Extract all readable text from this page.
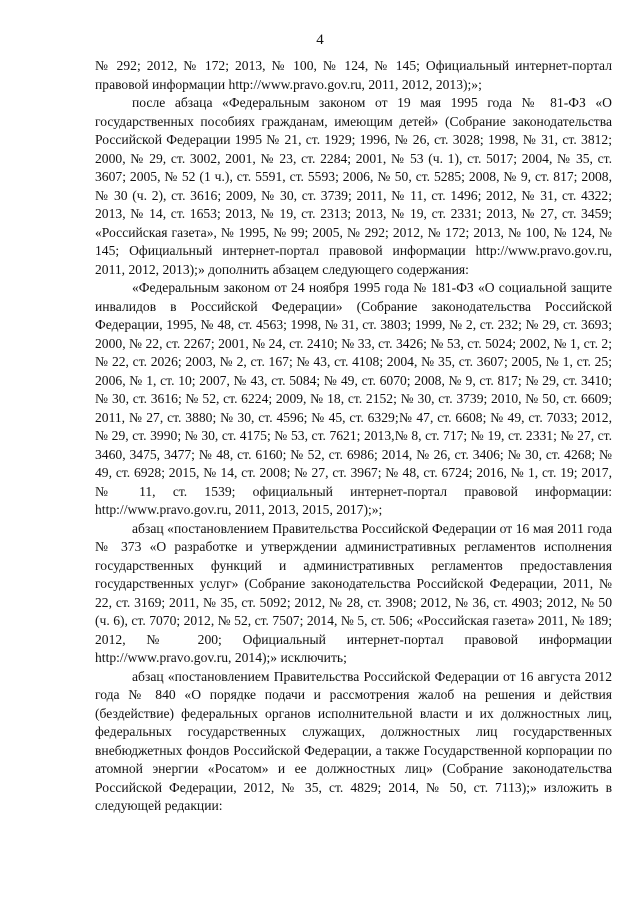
4

№ 292; 2012, № 172; 2013, № 100, № 124, № 145; Официальный интернет-портал правовой информации http://www.pravo.gov.ru, 2011, 2012, 2013);»;

после абзаца «Федеральным законом от 19 мая 1995 года № 81-ФЗ «О государственных пособиях гражданам, имеющим детей» (Собрание законодательства Российской Федерации 1995 № 21, ст. 1929; 1996, № 26, ст. 3028; 1998, № 31, ст. 3812; 2000, № 29, ст. 3002, 2001, № 23, ст. 2284; 2001, № 53 (ч. 1), ст. 5017; 2004, № 35, ст. 3607; 2005, № 52 (1 ч.), ст. 5591, ст. 5593; 2006, № 50, ст. 5285; 2008, № 9, ст. 817; 2008, № 30 (ч. 2), ст. 3616; 2009, № 30, ст. 3739; 2011, № 11, ст. 1496; 2012, № 31, ст. 4322; 2013, № 14, ст. 1653; 2013, № 19, ст. 2313; 2013, № 19, ст. 2331; 2013, № 27, ст. 3459; «Российская газета», № 1995, № 99; 2005, № 292; 2012, № 172; 2013, № 100, № 124, № 145; Официальный интернет-портал правовой информации http://www.pravo.gov.ru, 2011, 2012, 2013);» дополнить абзацем следующего содержания:

«Федеральным законом от 24 ноября 1995 года № 181-ФЗ «О социальной защите инвалидов в Российской Федерации» (Собрание законодательства Российской Федерации, 1995, № 48, ст. 4563; 1998, № 31, ст. 3803; 1999, № 2, ст. 232; № 29, ст. 3693; 2000, № 22, ст. 2267; 2001, № 24, ст. 2410; № 33, ст. 3426; № 53, ст. 5024; 2002, № 1, ст. 2; № 22, ст. 2026; 2003, № 2, ст. 167; № 43, ст. 4108; 2004, № 35, ст. 3607; 2005, № 1, ст. 25; 2006, № 1, ст. 10; 2007, № 43, ст. 5084; № 49, ст. 6070; 2008, № 9, ст. 817; № 29, ст. 3410; № 30, ст. 3616; № 52, ст. 6224; 2009, № 18, ст. 2152; № 30, ст. 3739; 2010, № 50, ст. 6609; 2011, № 27, ст. 3880; № 30, ст. 4596; № 45, ст. 6329;№ 47, ст. 6608; № 49, ст. 7033; 2012, № 29, ст. 3990; № 30, ст. 4175; № 53, ст. 7621; 2013,№ 8, ст. 717; № 19, ст. 2331; № 27, ст. 3460, 3475, 3477; № 48, ст. 6160; № 52, ст. 6986; 2014, № 26, ст. 3406; № 30, ст. 4268; № 49, ст. 6928; 2015, № 14, ст. 2008; № 27, ст. 3967; № 48, ст. 6724; 2016, № 1, ст. 19; 2017, № 11, ст. 1539; официальный интернет-портал правовой информации: http://www.pravo.gov.ru, 2011, 2013, 2015, 2017);»;

абзац «постановлением Правительства Российской Федерации от 16 мая 2011 года № 373 «О разработке и утверждении административных регламентов исполнения государственных функций и административных регламентов предоставления государственных услуг» (Собрание законодательства Российской Федерации, 2011, № 22, ст. 3169; 2011, № 35, ст. 5092; 2012, № 28, ст. 3908; 2012, № 36, ст. 4903; 2012, № 50 (ч. 6), ст. 7070; 2012, № 52, ст. 7507; 2014, № 5, ст. 506; «Российская газета» 2011, № 189; 2012, № 200; Официальный интернет-портал правовой информации http://www.pravo.gov.ru, 2014);» исключить;

абзац «постановлением Правительства Российской Федерации от 16 августа 2012 года № 840 «О порядке подачи и рассмотрения жалоб на решения и действия (бездействие) федеральных органов исполнительной власти и их должностных лиц, федеральных государственных служащих, должностных лиц государственных внебюджетных фондов Российской Федерации, а также Государственной корпорации по атомной энергии «Росатом» и ее должностных лиц» (Собрание законодательства Российской Федерации, 2012, № 35, ст. 4829; 2014, № 50, ст. 7113);» изложить в следующей редакции:
